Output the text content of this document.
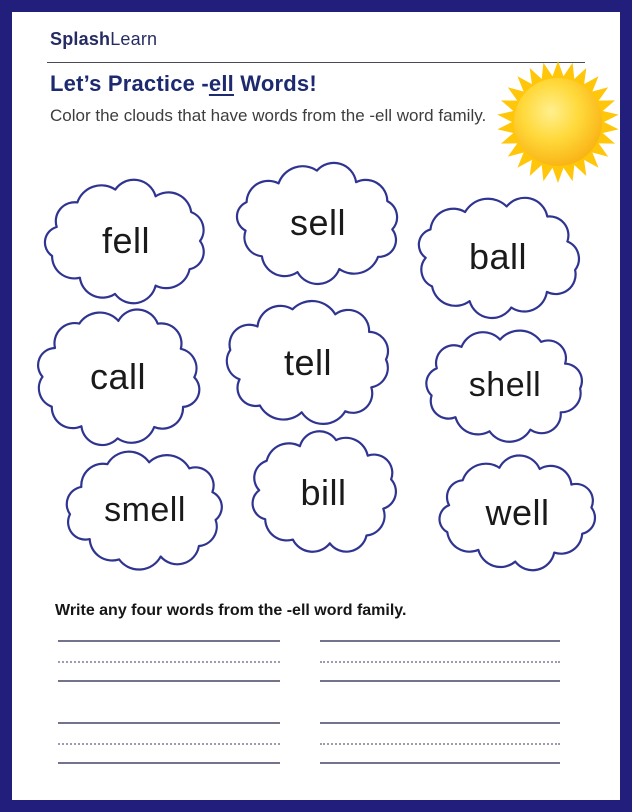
SplashLearn
Let’s Practice -ell Words!

Color the clouds that have words from the -ell word family.

fell	sell
ball
call	tell
shell
smell	bill	well

Write any four words from the -ell word family.
